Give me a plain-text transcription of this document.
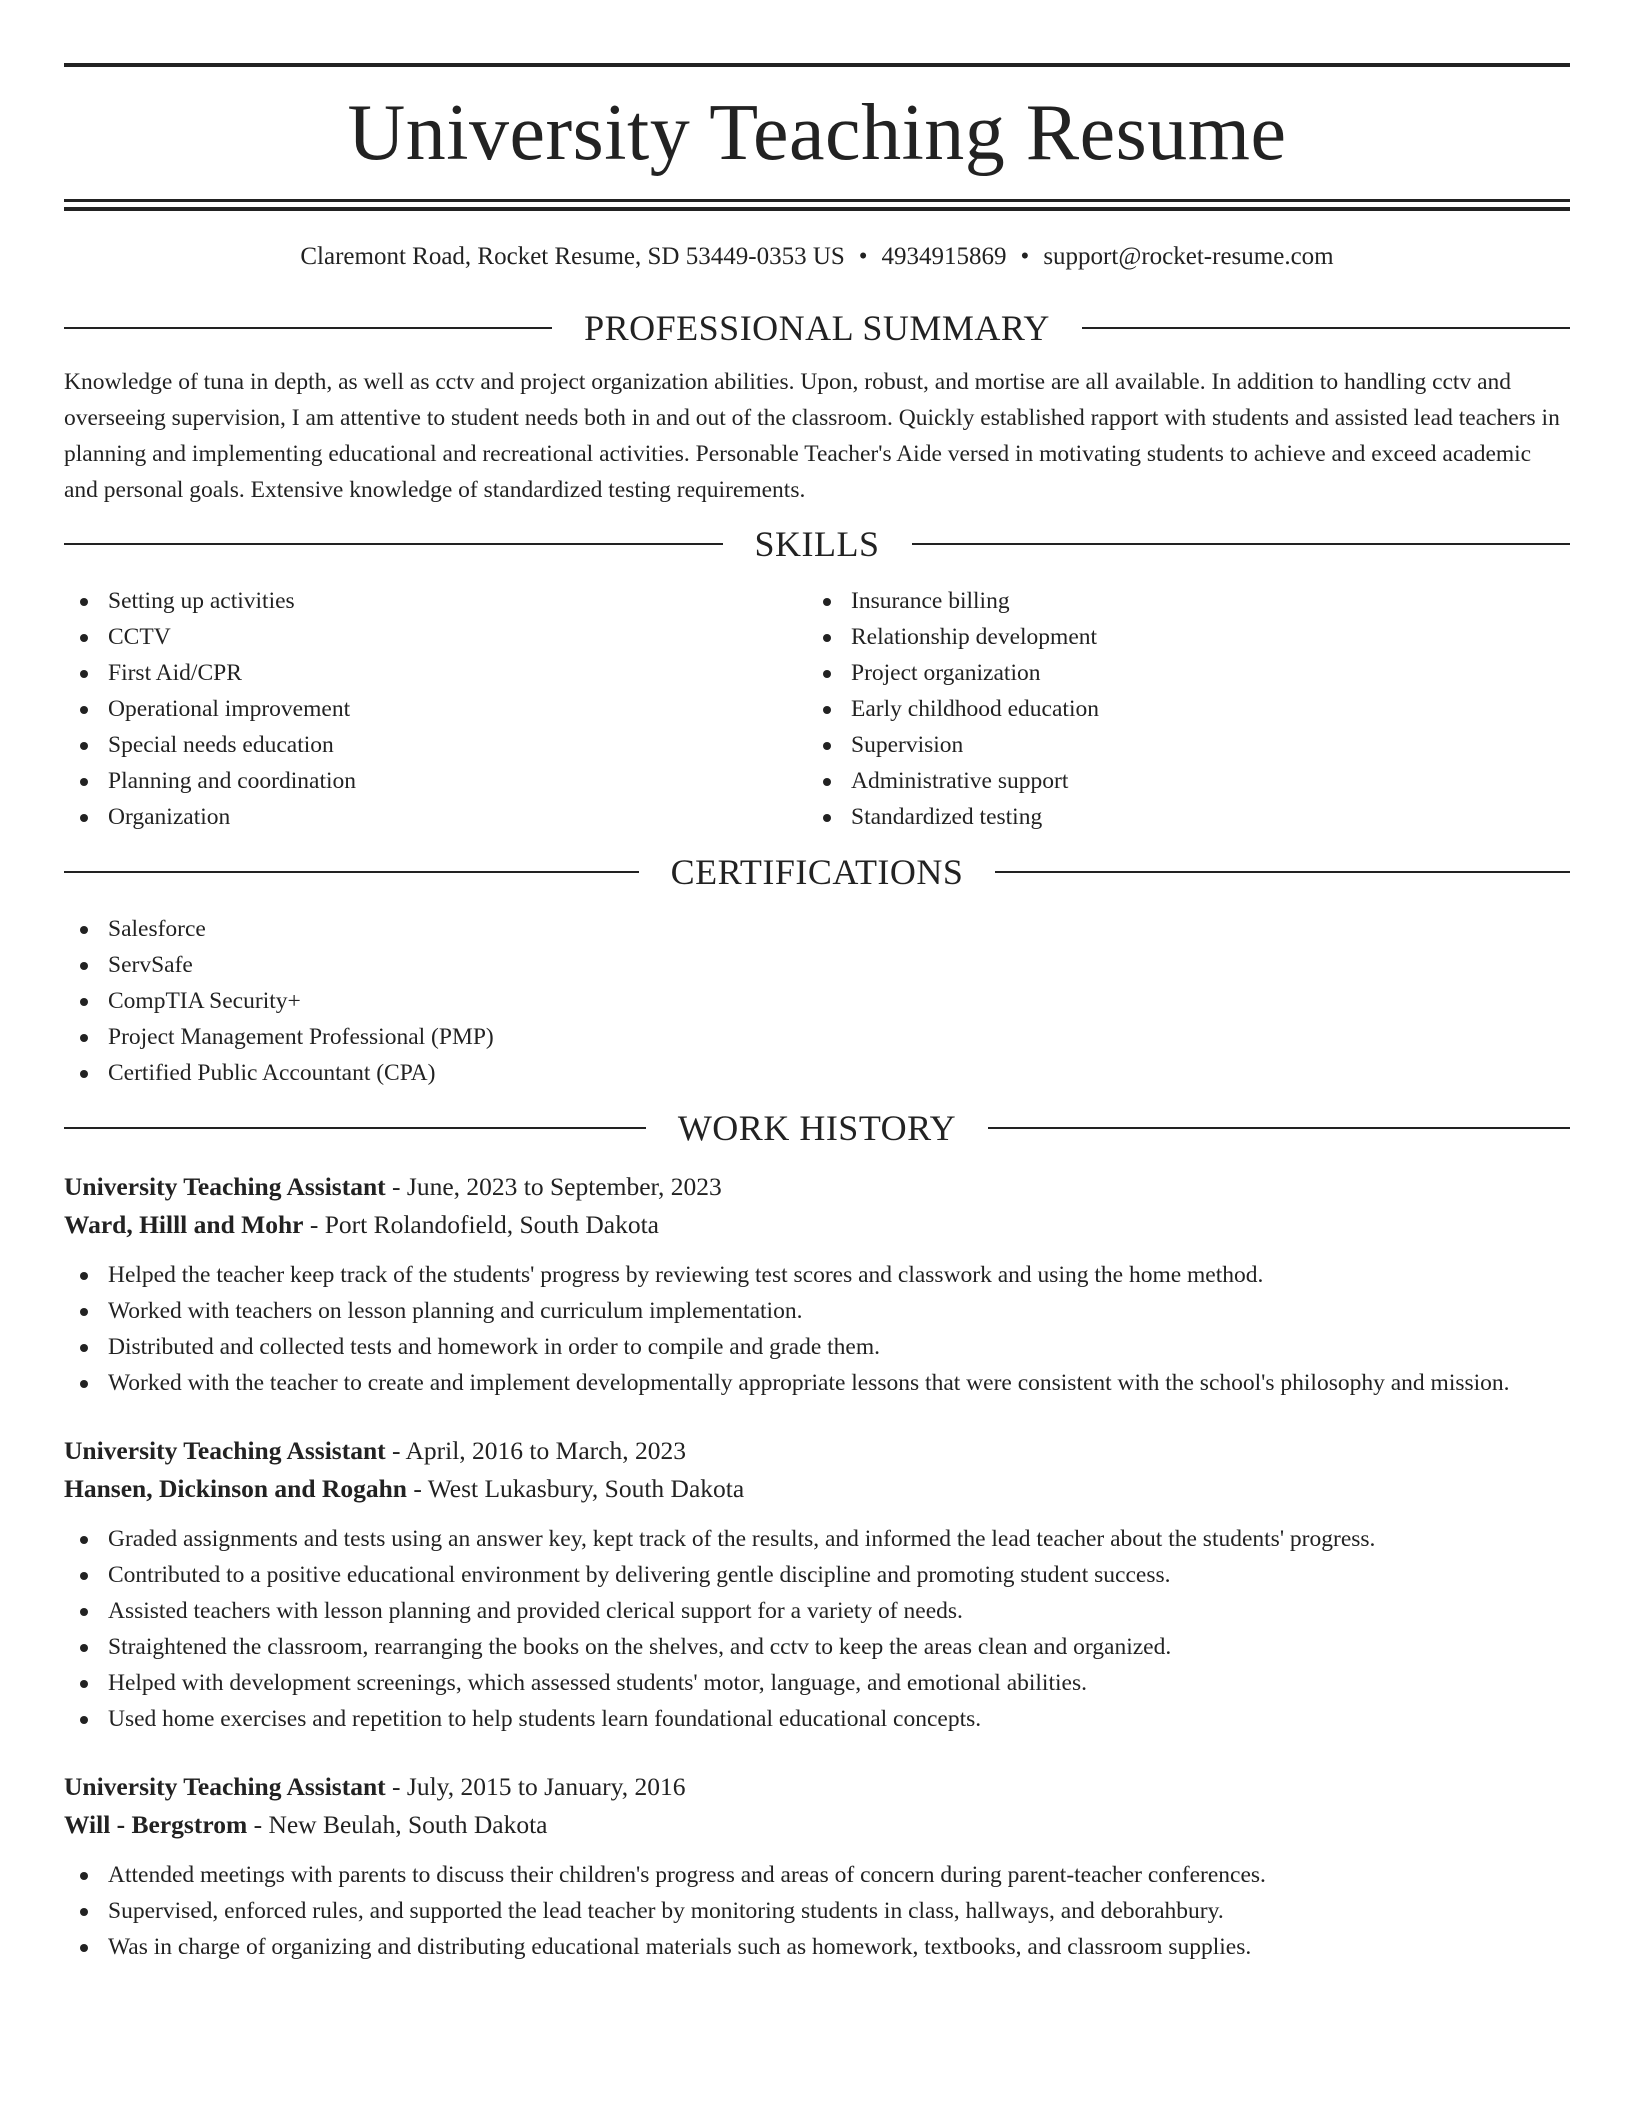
University Teaching Resume
Claremont Road, Rocket Resume, SD 53449-0353 US • 4934915869 • support@rocket-resume.com
PROFESSIONAL SUMMARY

Knowledge of tuna in depth, as well as cctv and project organization abilities. Upon, robust, and mortise are all available. In addition to handling cctv and overseeing supervision, I am attentive to student needs both in and out of the classroom. Quickly established rapport with students and assisted lead teachers in planning and implementing educational and recreational activities. Personable Teacher's Aide versed in motivating students to achieve and exceed academic and personal goals. Extensive knowledge of standardized testing requirements.

SKILLS
Setting up activities
CCTV
First Aid/CPR
Operational improvement
Special needs education
Planning and coordination
Organization
Insurance billing
Relationship development
Project organization
Early childhood education
Supervision
Administrative support
Standardized testing
CERTIFICATIONS
Salesforce
ServSafe
CompTIA Security+
Project Management Professional (PMP)
Certified Public Accountant (CPA)
WORK HISTORY
University Teaching Assistant - June, 2023 to September, 2023
Ward, Hilll and Mohr - Port Rolandofield, South Dakota
Helped the teacher keep track of the students' progress by reviewing test scores and classwork and using the home method.
Worked with teachers on lesson planning and curriculum implementation.
Distributed and collected tests and homework in order to compile and grade them.
Worked with the teacher to create and implement developmentally appropriate lessons that were consistent with the school's philosophy and mission.
University Teaching Assistant - April, 2016 to March, 2023
Hansen, Dickinson and Rogahn - West Lukasbury, South Dakota
Graded assignments and tests using an answer key, kept track of the results, and informed the lead teacher about the students' progress.
Contributed to a positive educational environment by delivering gentle discipline and promoting student success.
Assisted teachers with lesson planning and provided clerical support for a variety of needs.
Straightened the classroom, rearranging the books on the shelves, and cctv to keep the areas clean and organized.
Helped with development screenings, which assessed students' motor, language, and emotional abilities.
Used home exercises and repetition to help students learn foundational educational concepts.
University Teaching Assistant - July, 2015 to January, 2016
Will - Bergstrom - New Beulah, South Dakota
Attended meetings with parents to discuss their children's progress and areas of concern during parent-teacher conferences.
Supervised, enforced rules, and supported the lead teacher by monitoring students in class, hallways, and deborahbury.
Was in charge of organizing and distributing educational materials such as homework, textbooks, and classroom supplies.
